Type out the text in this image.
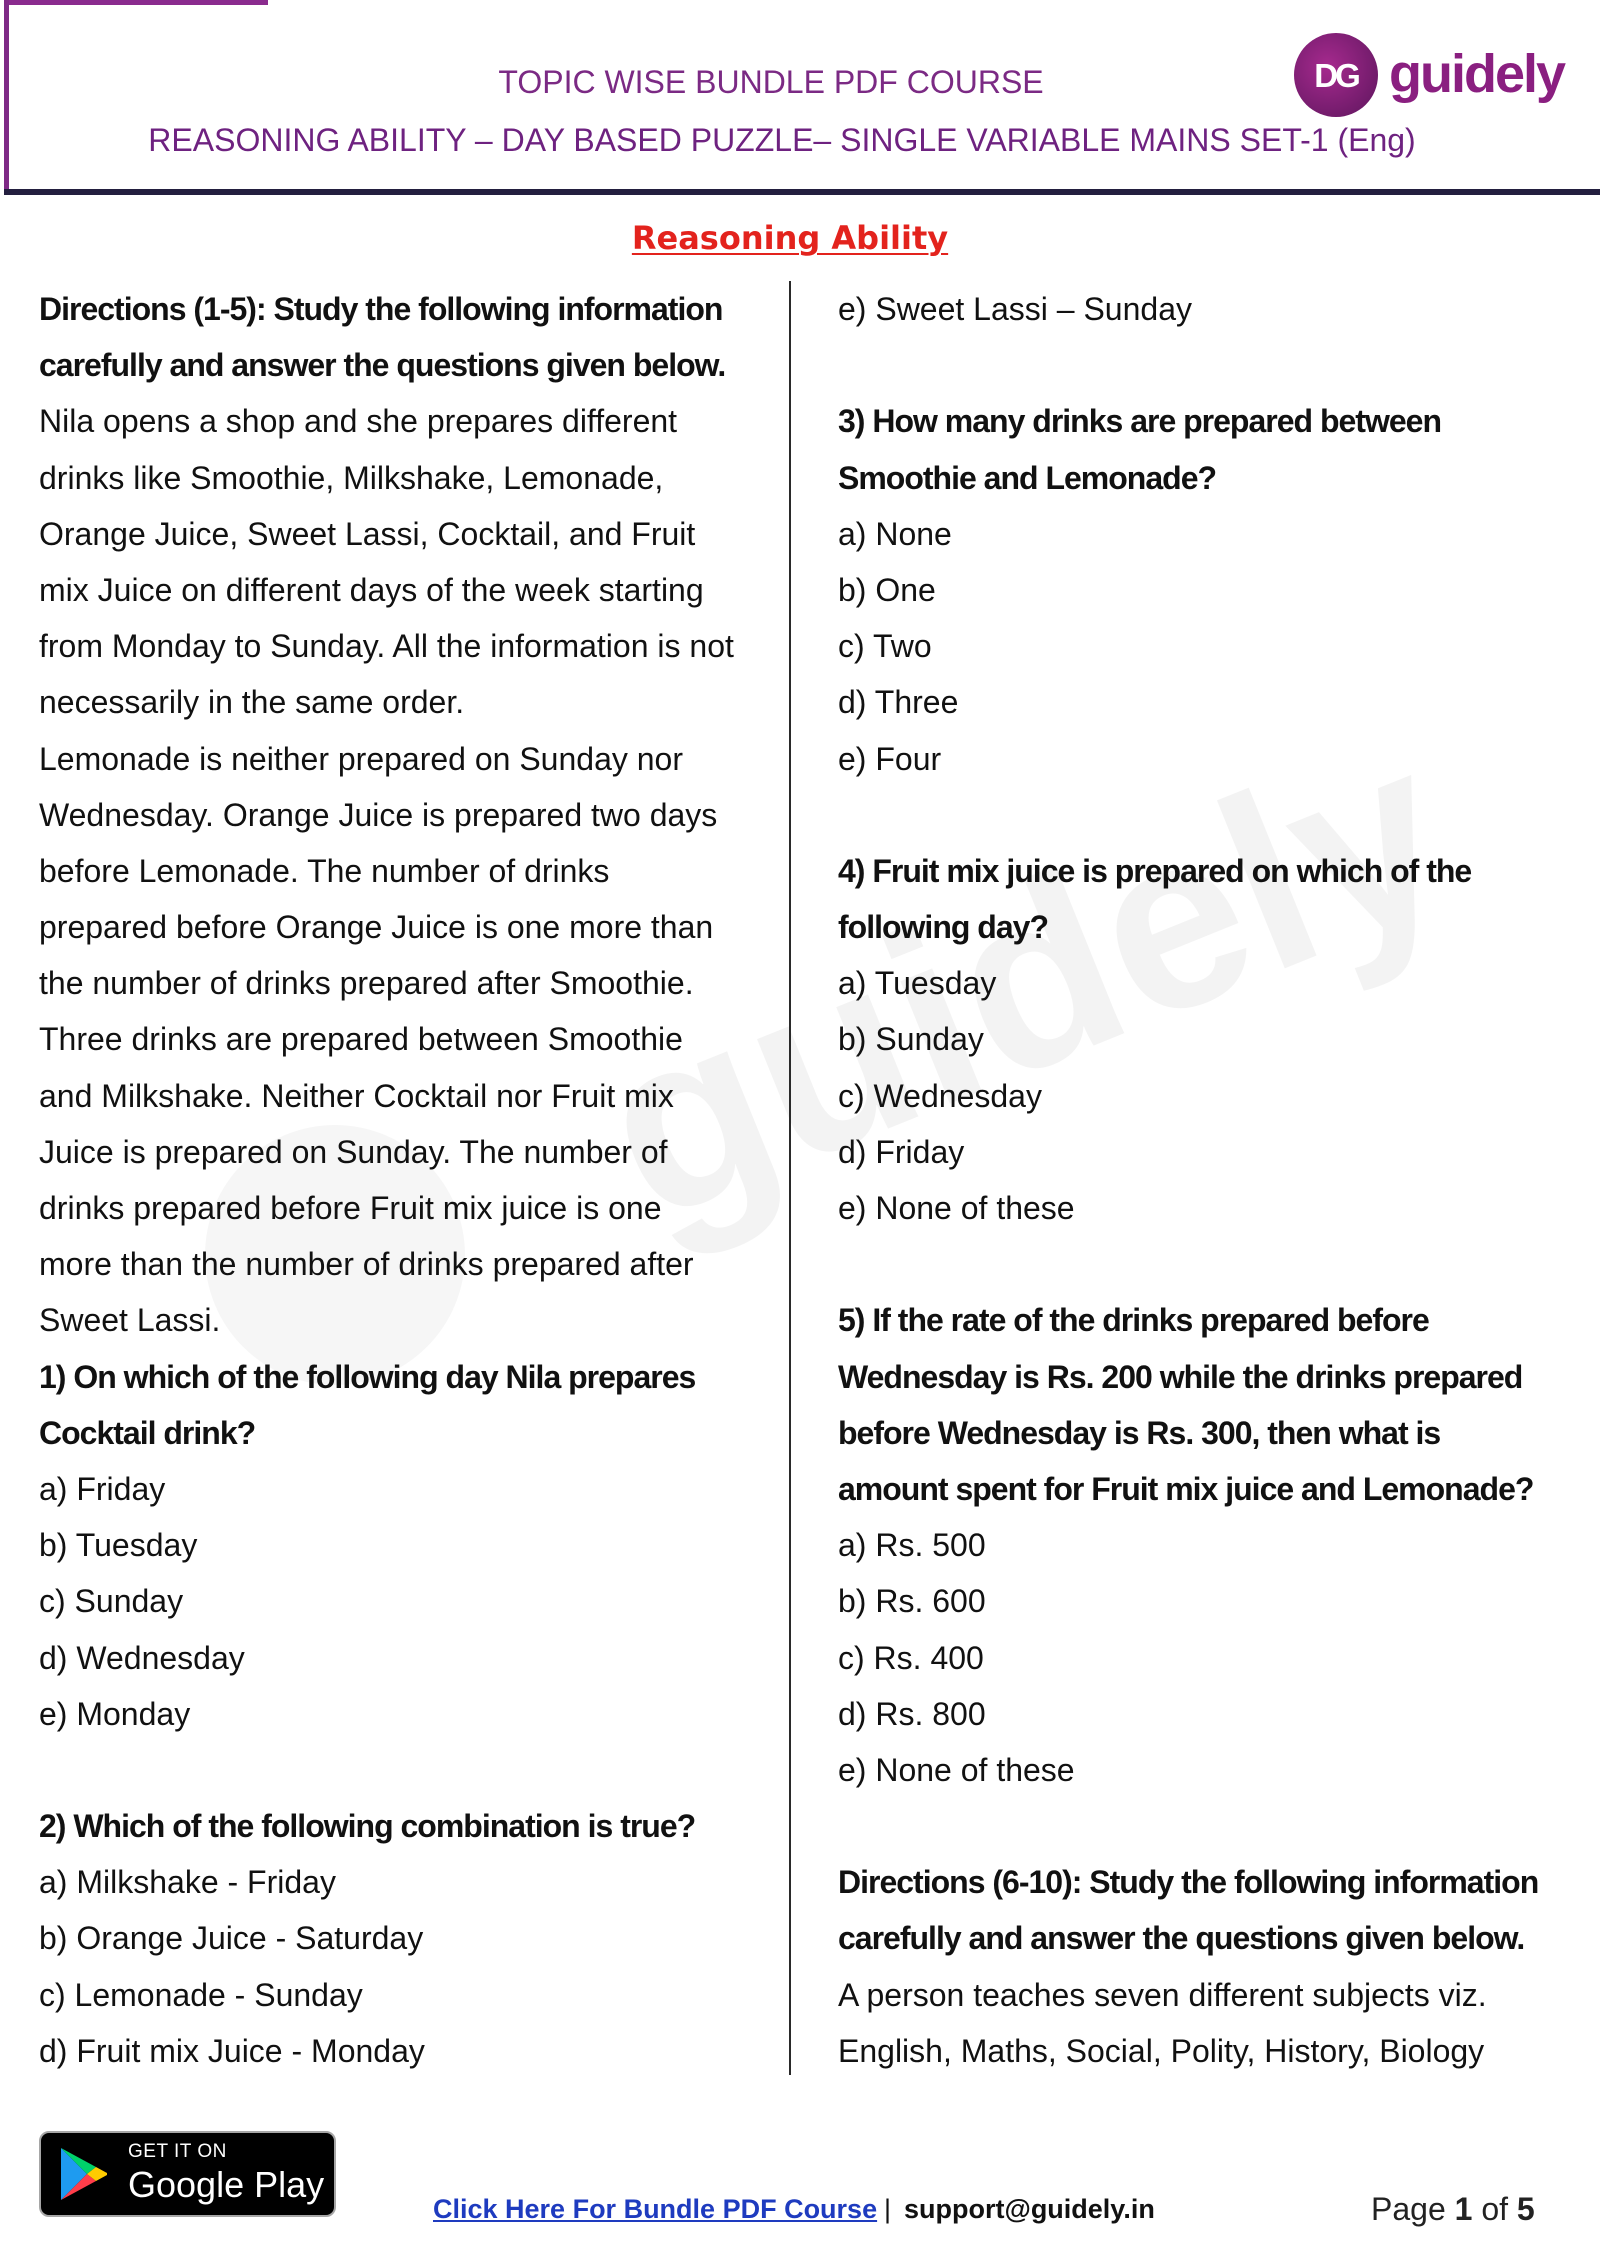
TOPIC WISE BUNDLE PDF COURSE
REASONING ABILITY – DAY BASED PUZZLE– SINGLE VARIABLE MAINS SET-1 (Eng)
DG guidely
Reasoning Ability
Directions (1-5): Study the following information
carefully and answer the questions given below.
Nila opens a shop and she prepares different
drinks like Smoothie, Milkshake, Lemonade,
Orange Juice, Sweet Lassi, Cocktail, and Fruit
mix Juice on different days of the week starting
from Monday to Sunday. All the information is not
necessarily in the same order.
Lemonade is neither prepared on Sunday nor
Wednesday. Orange Juice is prepared two days
before Lemonade. The number of drinks
prepared before Orange Juice is one more than
the number of drinks prepared after Smoothie.
Three drinks are prepared between Smoothie
and Milkshake. Neither Cocktail nor Fruit mix
Juice is prepared on Sunday. The number of
drinks prepared before Fruit mix juice is one
more than the number of drinks prepared after
Sweet Lassi.
1) On which of the following day Nila prepares
Cocktail drink?
a) Friday
b) Tuesday
c) Sunday
d) Wednesday
e) Monday
2) Which of the following combination is true?
a) Milkshake - Friday
b) Orange Juice - Saturday
c) Lemonade - Sunday
d) Fruit mix Juice - Monday
e) Sweet Lassi – Sunday
3) How many drinks are prepared between
Smoothie and Lemonade?
a) None
b) One
c) Two
d) Three
e) Four
4) Fruit mix juice is prepared on which of the
following day?
a) Tuesday
b) Sunday
c) Wednesday
d) Friday
e) None of these
5) If the rate of the drinks prepared before
Wednesday is Rs. 200 while the drinks prepared
before Wednesday is Rs. 300, then what is
amount spent for Fruit mix juice and Lemonade?
a) Rs. 500
b) Rs. 600
c) Rs. 400
d) Rs. 800
e) None of these
Directions (6-10): Study the following information
carefully and answer the questions given below.
A person teaches seven different subjects viz.
English, Maths, Social, Polity, History, Biology
GET IT ON
Google Play
Click Here For Bundle PDF Course | support@guidely.in	Page 1 of 5
